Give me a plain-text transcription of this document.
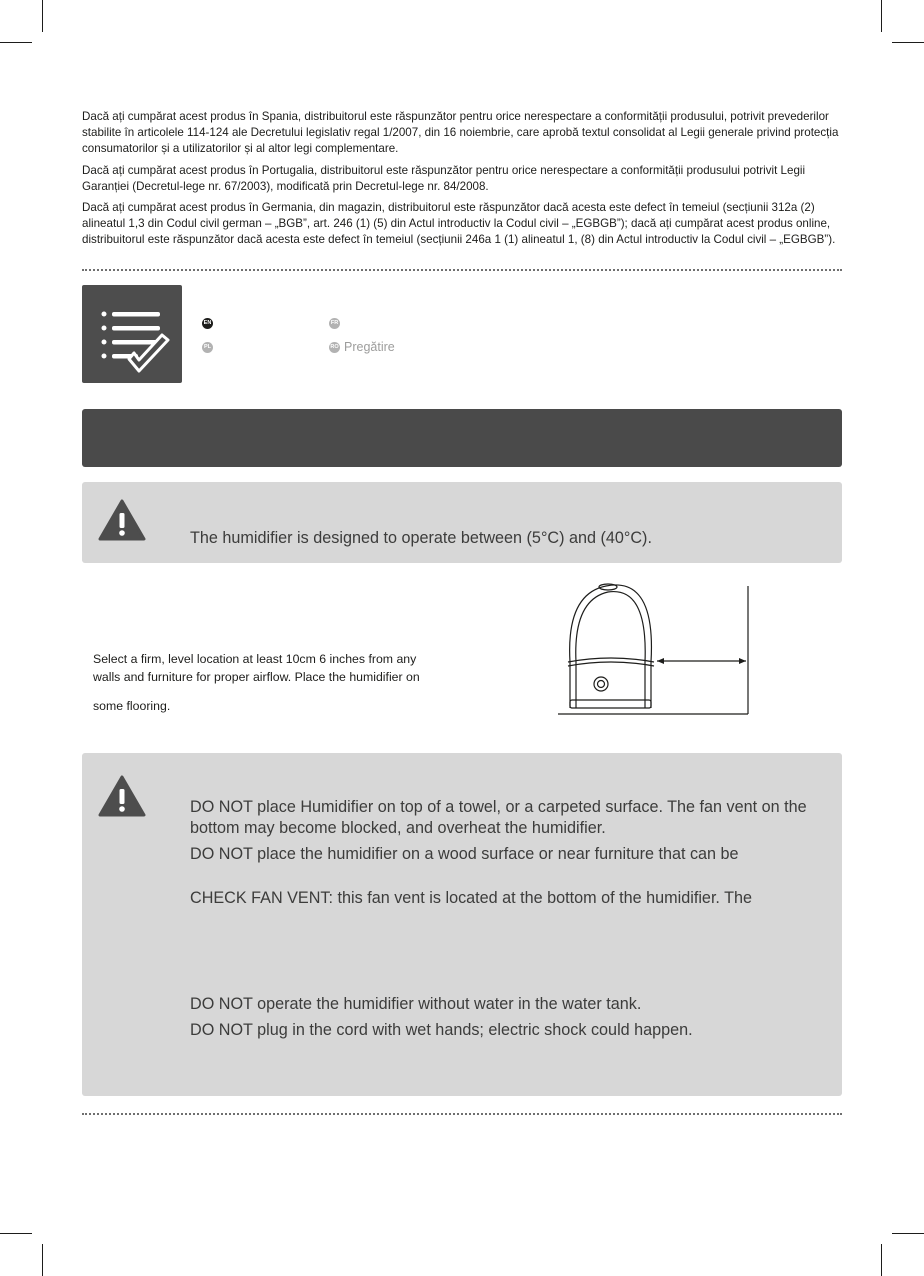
Dacă ați cumpărat acest produs în Spania, distribuitorul este răspunzător pentru orice nerespectare a conformității produsului, potrivit prevederilor stabilite în articolele 114-124 ale Decretului legislativ regal 1/2007, din 16 noiembrie, care aprobă textul consolidat al Legii generale privind protecția consumatorilor și a utilizatorilor și al altor legi complementare.

Dacă ați cumpărat acest produs în Portugalia, distribuitorul este răspunzător pentru orice nerespectare a conformității produsului potrivit Legii Garanției (Decretul-lege nr. 67/2003), modificată prin Decretul-lege nr. 84/2008.

Dacă ați cumpărat acest produs în Germania, din magazin, distribuitorul este răspunzător dacă acesta este defect în temeiul (secțiunii 312a (2) alineatul 1,3 din Codul civil german – „BGB”, art. 246 (1) (5) din Actul introductiv la Codul civil – „EGBGB”); dacă ați cumpărat acest produs online, distribuitorul este răspunzător dacă acesta este defect în temeiul (secțiunii 246a 1 (1) alineatul 1, (8) din Actul introductiv la Codul civil – „EGBGB”).

EN	FR
PL	RO Pregătire
The humidifier is designed to operate between (5°C) and (40°C).

Select a firm, level location at least 10cm 6 inches from any

walls and furniture for proper airflow. Place the humidifier on

some flooring.

DO NOT place Humidifier on top of a towel, or a carpeted surface. The fan vent on the bottom may become blocked, and overheat the humidifier.

DO NOT place the humidifier on a wood surface or near furniture that can be

CHECK FAN VENT: this fan vent is located at the bottom of the humidifier. The

DO NOT operate the humidifier without water in the water tank.

DO NOT plug in the cord with wet hands; electric shock could happen.
